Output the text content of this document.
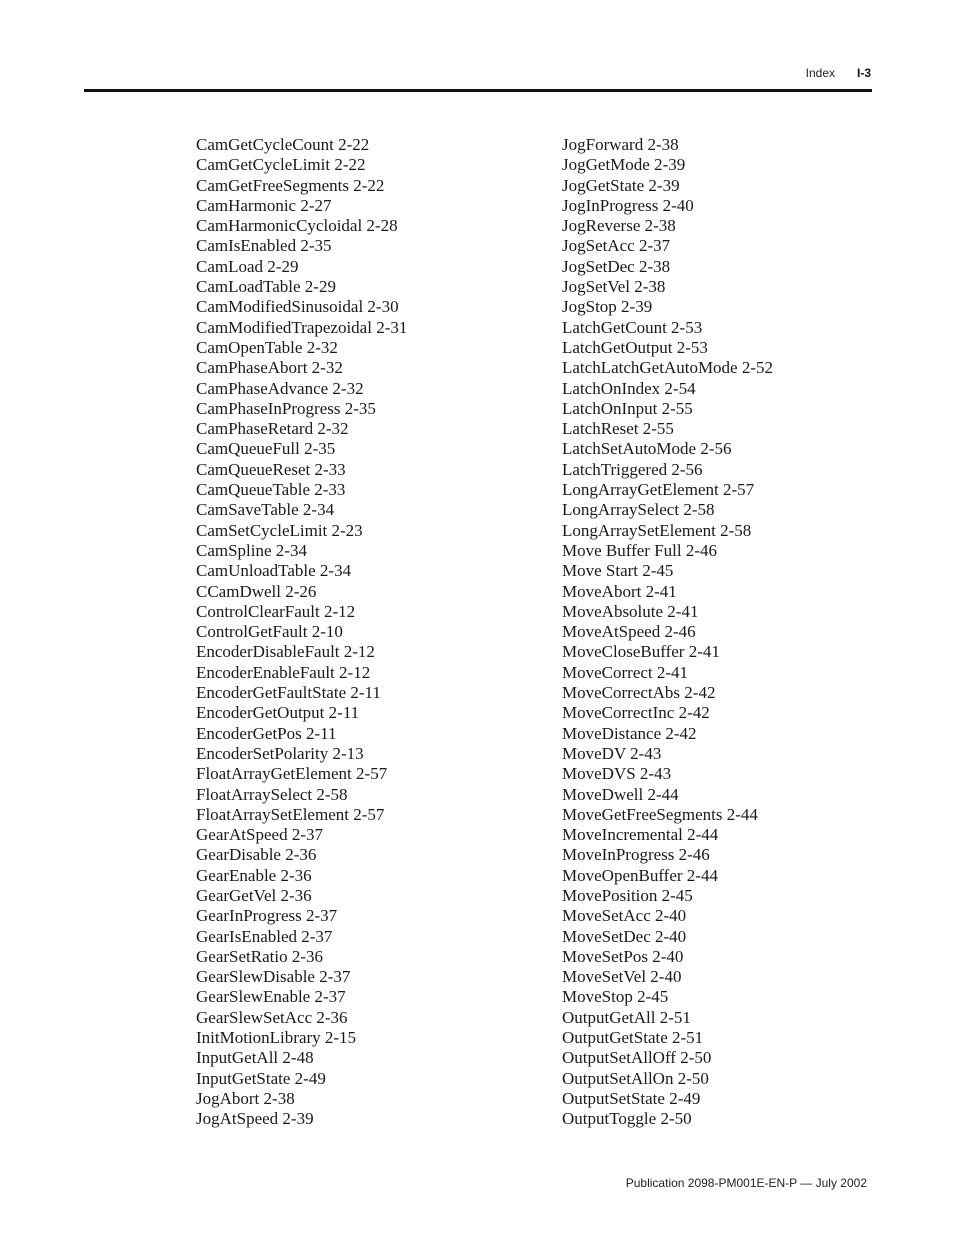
Index I-3
CamGetCycleCount 2-22
CamGetCycleLimit 2-22
CamGetFreeSegments 2-22
CamHarmonic 2-27
CamHarmonicCycloidal 2-28
CamIsEnabled 2-35
CamLoad 2-29
CamLoadTable 2-29
CamModifiedSinusoidal 2-30
CamModifiedTrapezoidal 2-31
CamOpenTable 2-32
CamPhaseAbort 2-32
CamPhaseAdvance 2-32
CamPhaseInProgress 2-35
CamPhaseRetard 2-32
CamQueueFull 2-35
CamQueueReset 2-33
CamQueueTable 2-33
CamSaveTable 2-34
CamSetCycleLimit 2-23
CamSpline 2-34
CamUnloadTable 2-34
CCamDwell 2-26
ControlClearFault 2-12
ControlGetFault 2-10
EncoderDisableFault 2-12
EncoderEnableFault 2-12
EncoderGetFaultState 2-11
EncoderGetOutput 2-11
EncoderGetPos 2-11
EncoderSetPolarity 2-13
FloatArrayGetElement 2-57
FloatArraySelect 2-58
FloatArraySetElement 2-57
GearAtSpeed 2-37
GearDisable 2-36
GearEnable 2-36
GearGetVel 2-36
GearInProgress 2-37
GearIsEnabled 2-37
GearSetRatio 2-36
GearSlewDisable 2-37
GearSlewEnable 2-37
GearSlewSetAcc 2-36
InitMotionLibrary 2-15
InputGetAll 2-48
InputGetState 2-49
JogAbort 2-38
JogAtSpeed 2-39
JogForward 2-38
JogGetMode 2-39
JogGetState 2-39
JogInProgress 2-40
JogReverse 2-38
JogSetAcc 2-37
JogSetDec 2-38
JogSetVel 2-38
JogStop 2-39
LatchGetCount 2-53
LatchGetOutput 2-53
LatchLatchGetAutoMode 2-52
LatchOnIndex 2-54
LatchOnInput 2-55
LatchReset 2-55
LatchSetAutoMode 2-56
LatchTriggered 2-56
LongArrayGetElement 2-57
LongArraySelect 2-58
LongArraySetElement 2-58
Move Buffer Full 2-46
Move Start 2-45
MoveAbort 2-41
MoveAbsolute 2-41
MoveAtSpeed 2-46
MoveCloseBuffer 2-41
MoveCorrect 2-41
MoveCorrectAbs 2-42
MoveCorrectInc 2-42
MoveDistance 2-42
MoveDV 2-43
MoveDVS 2-43
MoveDwell 2-44
MoveGetFreeSegments 2-44
MoveIncremental 2-44
MoveInProgress 2-46
MoveOpenBuffer 2-44
MovePosition 2-45
MoveSetAcc 2-40
MoveSetDec 2-40
MoveSetPos 2-40
MoveSetVel 2-40
MoveStop 2-45
OutputGetAll 2-51
OutputGetState 2-51
OutputSetAllOff 2-50
OutputSetAllOn 2-50
OutputSetState 2-49
OutputToggle 2-50
Publication 2098-PM001E-EN-P — July 2002
